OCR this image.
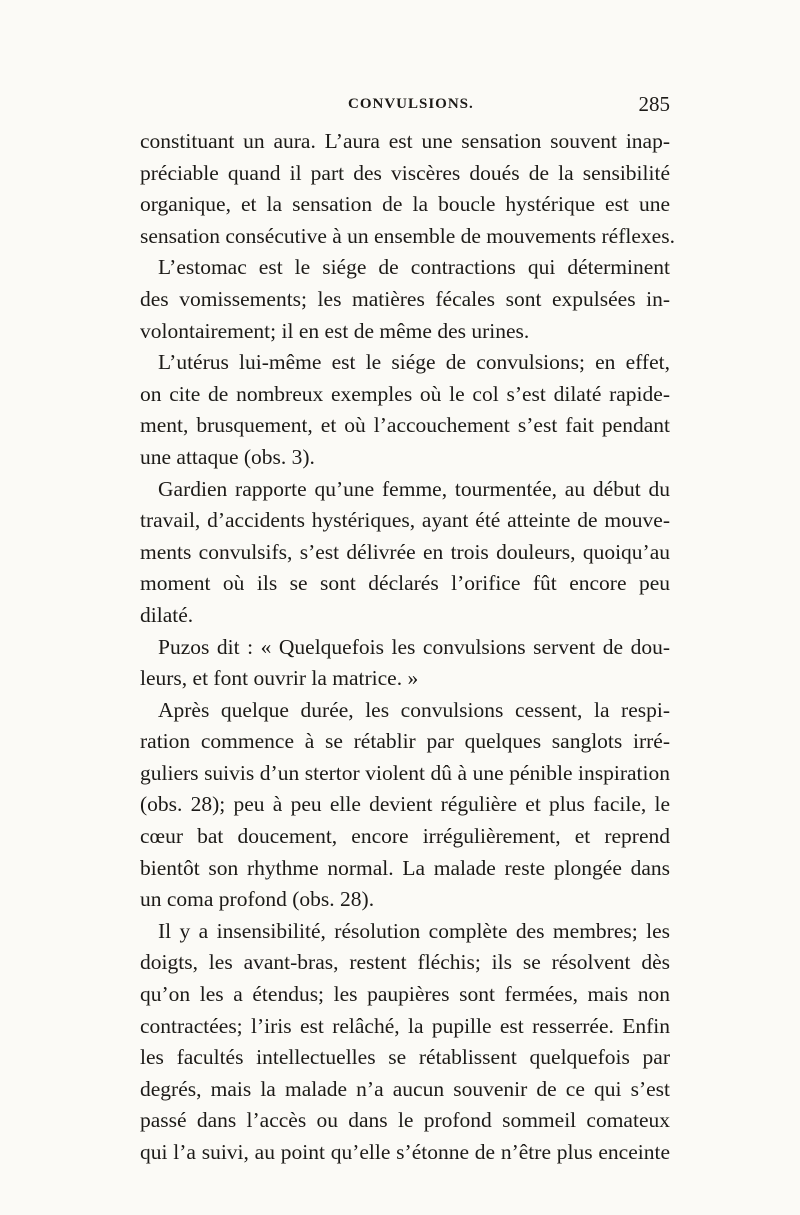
CONVULSIONS.	285
constituant un aura. L’aura est une sensation souvent inap-
préciable quand il part des viscères doués de la sensibilité
organique, et la sensation de la boucle hystérique est une
sensation consécutive à un ensemble de mouvements réflexes.
L’estomac est le siége de contractions qui déterminent
des vomissements; les matières fécales sont expulsées in-
volontairement; il en est de même des urines.
L’utérus lui-même est le siége de convulsions; en effet,
on cite de nombreux exemples où le col s’est dilaté rapide-
ment, brusquement, et où l’accouchement s’est fait pendant
une attaque (obs. 3).
Gardien rapporte qu’une femme, tourmentée, au début du
travail, d’accidents hystériques, ayant été atteinte de mouve-
ments convulsifs, s’est délivrée en trois douleurs, quoiqu’au
moment où ils se sont déclarés l’orifice fût encore peu
dilaté.
Puzos dit : « Quelquefois les convulsions servent de dou-
leurs, et font ouvrir la matrice. »
Après quelque durée, les convulsions cessent, la respi-
ration commence à se rétablir par quelques sanglots irré-
guliers suivis d’un stertor violent dû à une pénible inspiration
(obs. 28); peu à peu elle devient régulière et plus facile, le
cœur bat doucement, encore irrégulièrement, et reprend
bientôt son rhythme normal. La malade reste plongée dans
un coma profond (obs. 28).
Il y a insensibilité, résolution complète des membres; les
doigts, les avant-bras, restent fléchis; ils se résolvent dès
qu’on les a étendus; les paupières sont fermées, mais non
contractées; l’iris est relâché, la pupille est resserrée. Enfin
les facultés intellectuelles se rétablissent quelquefois par
degrés, mais la malade n’a aucun souvenir de ce qui s’est
passé dans l’accès ou dans le profond sommeil comateux
qui l’a suivi, au point qu’elle s’étonne de n’être plus enceinte
